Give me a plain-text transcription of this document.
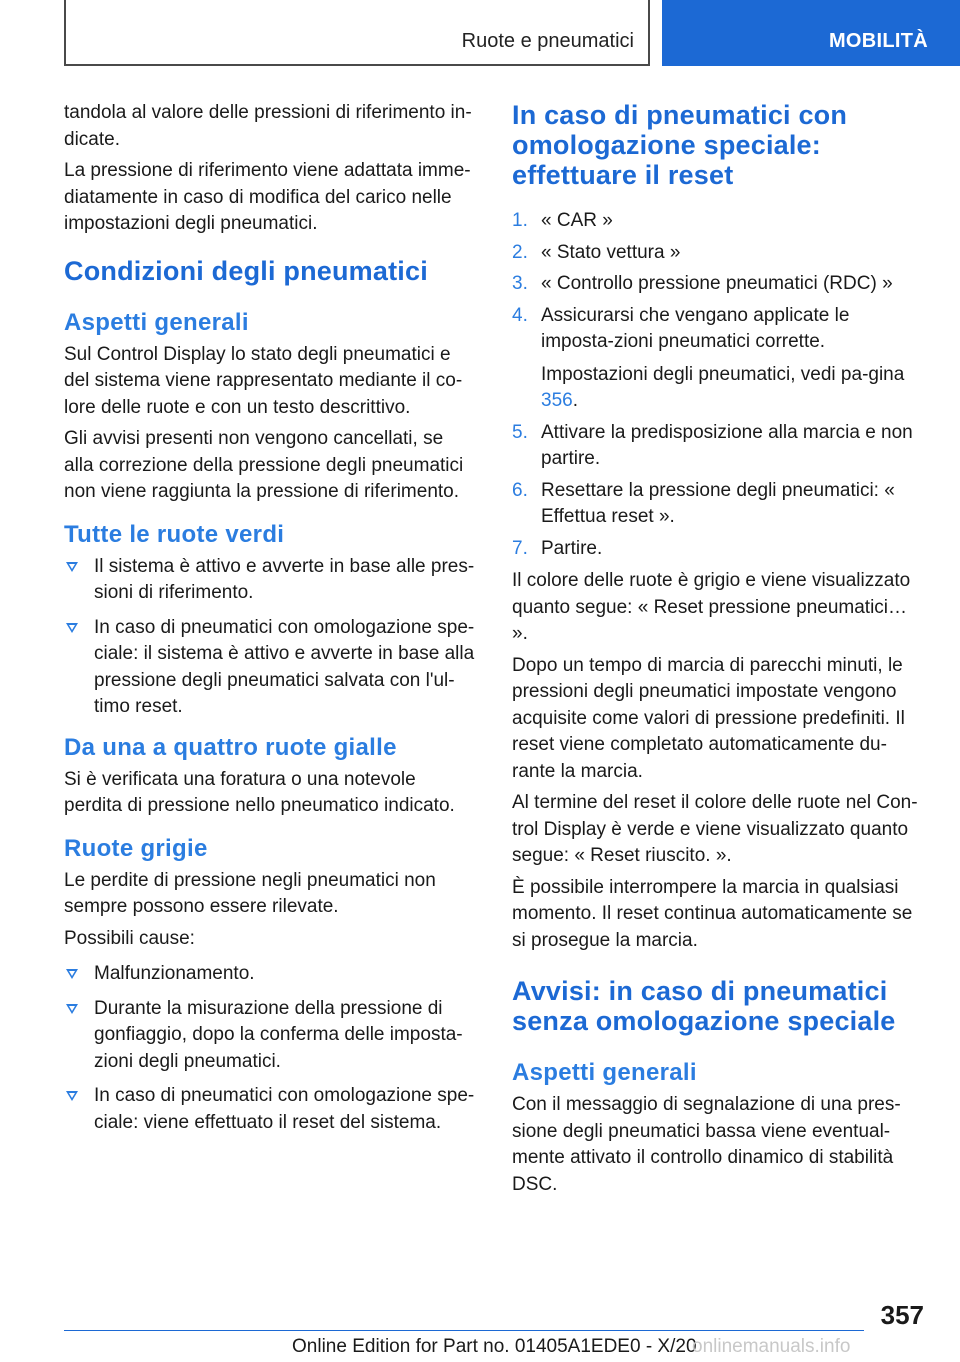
Ruote e pneumatici	MOBILITÀ

tandola al valore delle pressioni di riferimento in-dicate.

La pressione di riferimento viene adattata imme-diatamente in caso di modifica del carico nelle impostazioni degli pneumatici.

Condizioni degli pneumatici
Aspetti generali

Sul Control Display lo stato degli pneumatici e del sistema viene rappresentato mediante il co-lore delle ruote e con un testo descrittivo.

Gli avvisi presenti non vengono cancellati, se alla correzione della pressione degli pneumatici non viene raggiunta la pressione di riferimento.

Tutte le ruote verdi
Il sistema è attivo e avverte in base alle pres-sioni di riferimento.
In caso di pneumatici con omologazione spe-ciale: il sistema è attivo e avverte in base alla pressione degli pneumatici salvata con l'ul-timo reset.
Da una a quattro ruote gialle

Si è verificata una foratura o una notevole perdita di pressione nello pneumatico indicato.

Ruote grigie

Le perdite di pressione negli pneumatici non sempre possono essere rilevate.

Possibili cause:

Malfunzionamento.
Durante la misurazione della pressione di gonfiaggio, dopo la conferma delle imposta-zioni degli pneumatici.
In caso di pneumatici con omologazione spe-ciale: viene effettuato il reset del sistema.
In caso di pneumatici con omologazione speciale: effettuare il reset
1. « CAR »
2. « Stato vettura »
3. « Controllo pressione pneumatici (RDC) »
4. Assicurarsi che vengano applicate le imposta-zioni pneumatici corrette.
Impostazioni degli pneumatici, vedi pa-gina 356.
5. Attivare la predisposizione alla marcia e non partire.
6. Resettare la pressione degli pneumatici: « Effettua reset ».
7. Partire.

Il colore delle ruote è grigio e viene visualizzato quanto segue: « Reset pressione pneumatici… ».

Dopo un tempo di marcia di parecchi minuti, le pressioni degli pneumatici impostate vengono acquisite come valori di pressione predefiniti. Il reset viene completato automaticamente du-rante la marcia.

Al termine del reset il colore delle ruote nel Con-trol Display è verde e viene visualizzato quanto segue: « Reset riuscito. ».

È possibile interrompere la marcia in qualsiasi momento. Il reset continua automaticamente se si prosegue la marcia.

Avvisi: in caso di pneumatici senza omologazione speciale
Aspetti generali

Con il messaggio di segnalazione di una pres-sione degli pneumatici bassa viene eventual-mente attivato il controllo dinamico di stabilità DSC.

357
Online Edition for Part no. 01405A1EDE0 - X/20
onlinemanuals.info
